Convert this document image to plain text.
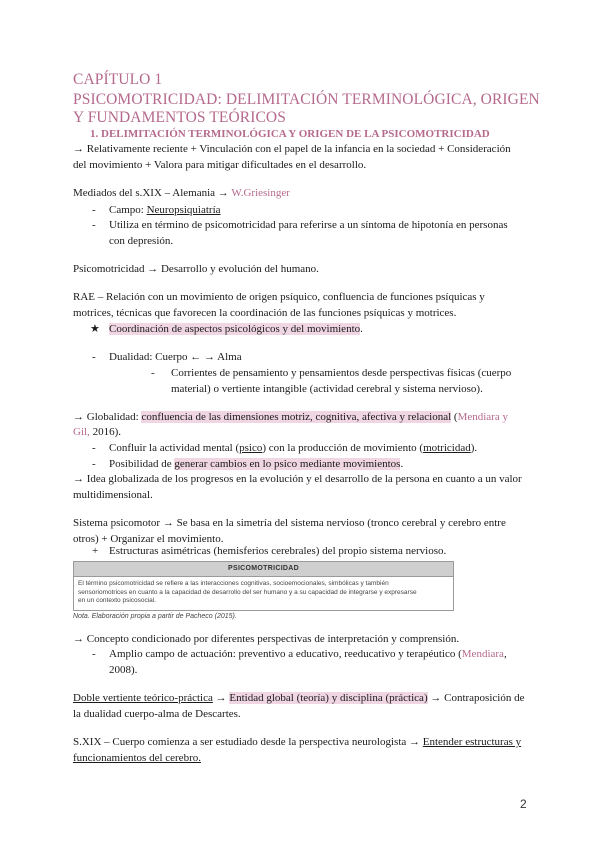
CAPÍTULO 1
PSICOMOTRICIDAD: DELIMITACIÓN TERMINOLÓGICA, ORIGEN
Y FUNDAMENTOS TEÓRICOS
1. DELIMITACIÓN TERMINOLÓGICA Y ORIGEN DE LA PSICOMOTRICIDAD
→ Relativamente reciente + Vinculación con el papel de la infancia en la sociedad + Consideración
del movimiento + Valora para mitigar dificultades en el desarrollo.
Mediados del s.XIX – Alemania → W.Griesinger
- Campo: Neuropsiquiatría
- Utiliza en término de psicomotricidad para referirse a un síntoma de hipotonía en personas
con depresión.
Psicomotricidad → Desarrollo y evolución del humano.
RAE – Relación con un movimiento de origen psíquico, confluencia de funciones psíquicas y
motrices, técnicas que favorecen la coordinación de las funciones psíquicas y motrices.
★ Coordinación de aspectos psicológicos y del movimiento.
- Dualidad: Cuerpo ← → Alma
- Corrientes de pensamiento y pensamientos desde perspectivas físicas (cuerpo
material) o vertiente intangible (actividad cerebral y sistema nervioso).
→ Globalidad: confluencia de las dimensiones motriz, cognitiva, afectiva y relacional (Mendiara y
Gil, 2016).
- Confluir la actividad mental (psico) con la producción de movimiento (motricidad).
- Posibilidad de generar cambios en lo psico mediante movimientos.
→ Idea globalizada de los progresos en la evolución y el desarrollo de la persona en cuanto a un valor
multidimensional.
Sistema psicomotor → Se basa en la simetría del sistema nervioso (tronco cerebral y cerebro entre
otros) + Organizar el movimiento.
+ Estructuras asimétricas (hemisferios cerebrales) del propio sistema nervioso.
PSICOMOTRICIDAD
El término psicomotricidad se refiere a las interacciones cognitivas, socioemocionales, simbólicas y también
sensoriomotrices en cuanto a la capacidad de desarrollo del ser humano y a su capacidad de integrarse y expresarse
en un contexto psicosocial.
Nota. Elaboración propia a partir de Pacheco (2015).
→ Concepto condicionado por diferentes perspectivas de interpretación y comprensión.
- Amplio campo de actuación: preventivo a educativo, reeducativo y terapéutico (Mendiara,
2008).
Doble vertiente teórico-práctica → Entidad global (teoría) y disciplina (práctica) → Contraposición de
la dualidad cuerpo-alma de Descartes.
S.XIX – Cuerpo comienza a ser estudiado desde la perspectiva neurologista → Entender estructuras y
funcionamientos del cerebro.
2
